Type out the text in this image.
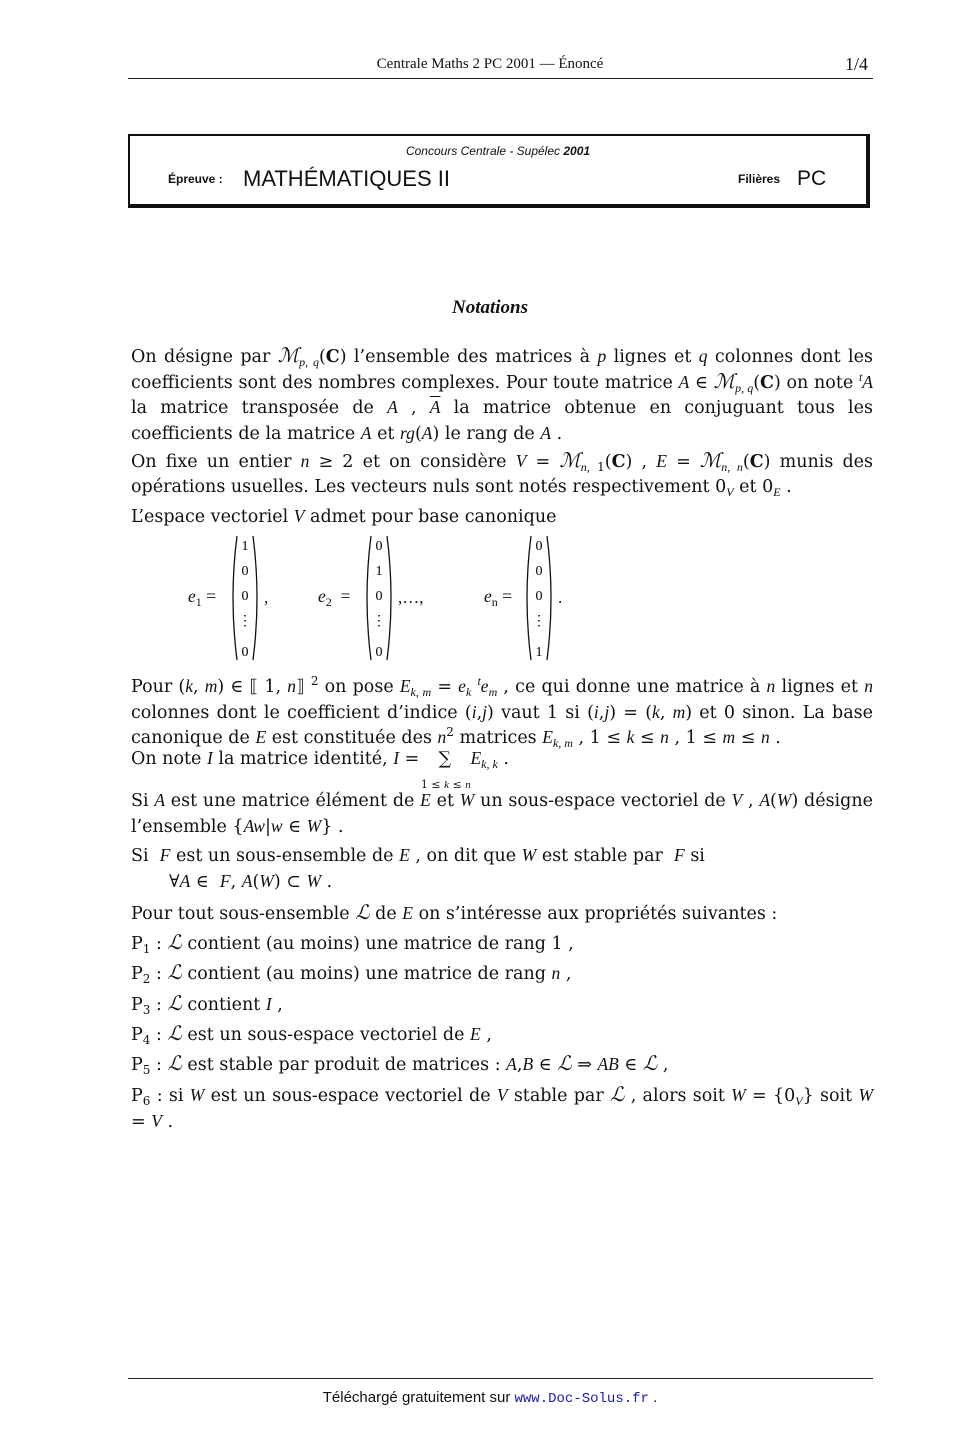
Centrale Maths 2 PC 2001 — Énoncé	1/4
Concours Centrale - Supélec 2001
Épreuve : MATHÉMATIQUES II	Filières PC
Notations
On désigne par ℳ$_{p, q}$(C) l’ensemble des matrices à p lignes et q colonnes dont les coefficients sont des nombres complexes. Pour toute matrice A ∈ ℳ$_{p, q}$(C) on note $^t$A la matrice transposée de A , $\overline{A}$ la matrice obtenue en conjuguant tous les coefficients de la matrice A et rg(A) le rang de A .
On fixe un entier n ≥ 2 et on considère V = ℳ$_{n, 1}$(C) , E = ℳ$_{n, n}$(C) munis des opérations usuelles. Les vecteurs nuls sont notés respectivement $0_V$ et $0_E$ .
L’espace vectoriel V admet pour base canonique
$e_1$ =
1
0
0
⋮
0
,	$e_2$  =
0
1
0
⋮
0
,…,	$e_n$ =
0
0
0
⋮
1
.
Pour (k, m) ∈ ⟦ 1, n⟧ $^2$ on pose $E_{k, m} = e_k$ $^te_m$ , ce qui donne une matrice à n lignes et n colonnes dont le coefficient d’indice (i,j) vaut 1 si (i,j) = (k, m) et 0 sinon. La base canonique de E est constituée des $n^2$ matrices $E_{k, m}$ , 1 ≤ k ≤ n , 1 ≤ m ≤ n .
On note I la matrice identité, I = ∑
1 ≤ k ≤ n
$E_{k, k}$ .
Si A est une matrice élément de E et W un sous-espace vectoriel de V , A(W) désigne l’ensemble {Aw|w ∈ W} .
Si  F est un sous-ensemble de E , on dit que W est stable par  F si
∀A ∈  F, A(W) ⊂ W .
Pour tout sous-ensemble ℒ de E on s’intéresse aux propriétés suivantes :
$P_1$ : ℒ contient (au moins) une matrice de rang 1 ,
$P_2$ : ℒ contient (au moins) une matrice de rang n ,
$P_3$ : ℒ contient I ,
$P_4$ : ℒ est un sous-espace vectoriel de E ,
$P_5$ : ℒ est stable par produit de matrices : A,B ∈ ℒ ⇒ AB ∈ ℒ ,
$P_6$ : si W est un sous-espace vectoriel de V stable par ℒ , alors soit $W = \{0_V\}$ soit W = V .
Téléchargé gratuitement sur www.Doc-Solus.fr .
